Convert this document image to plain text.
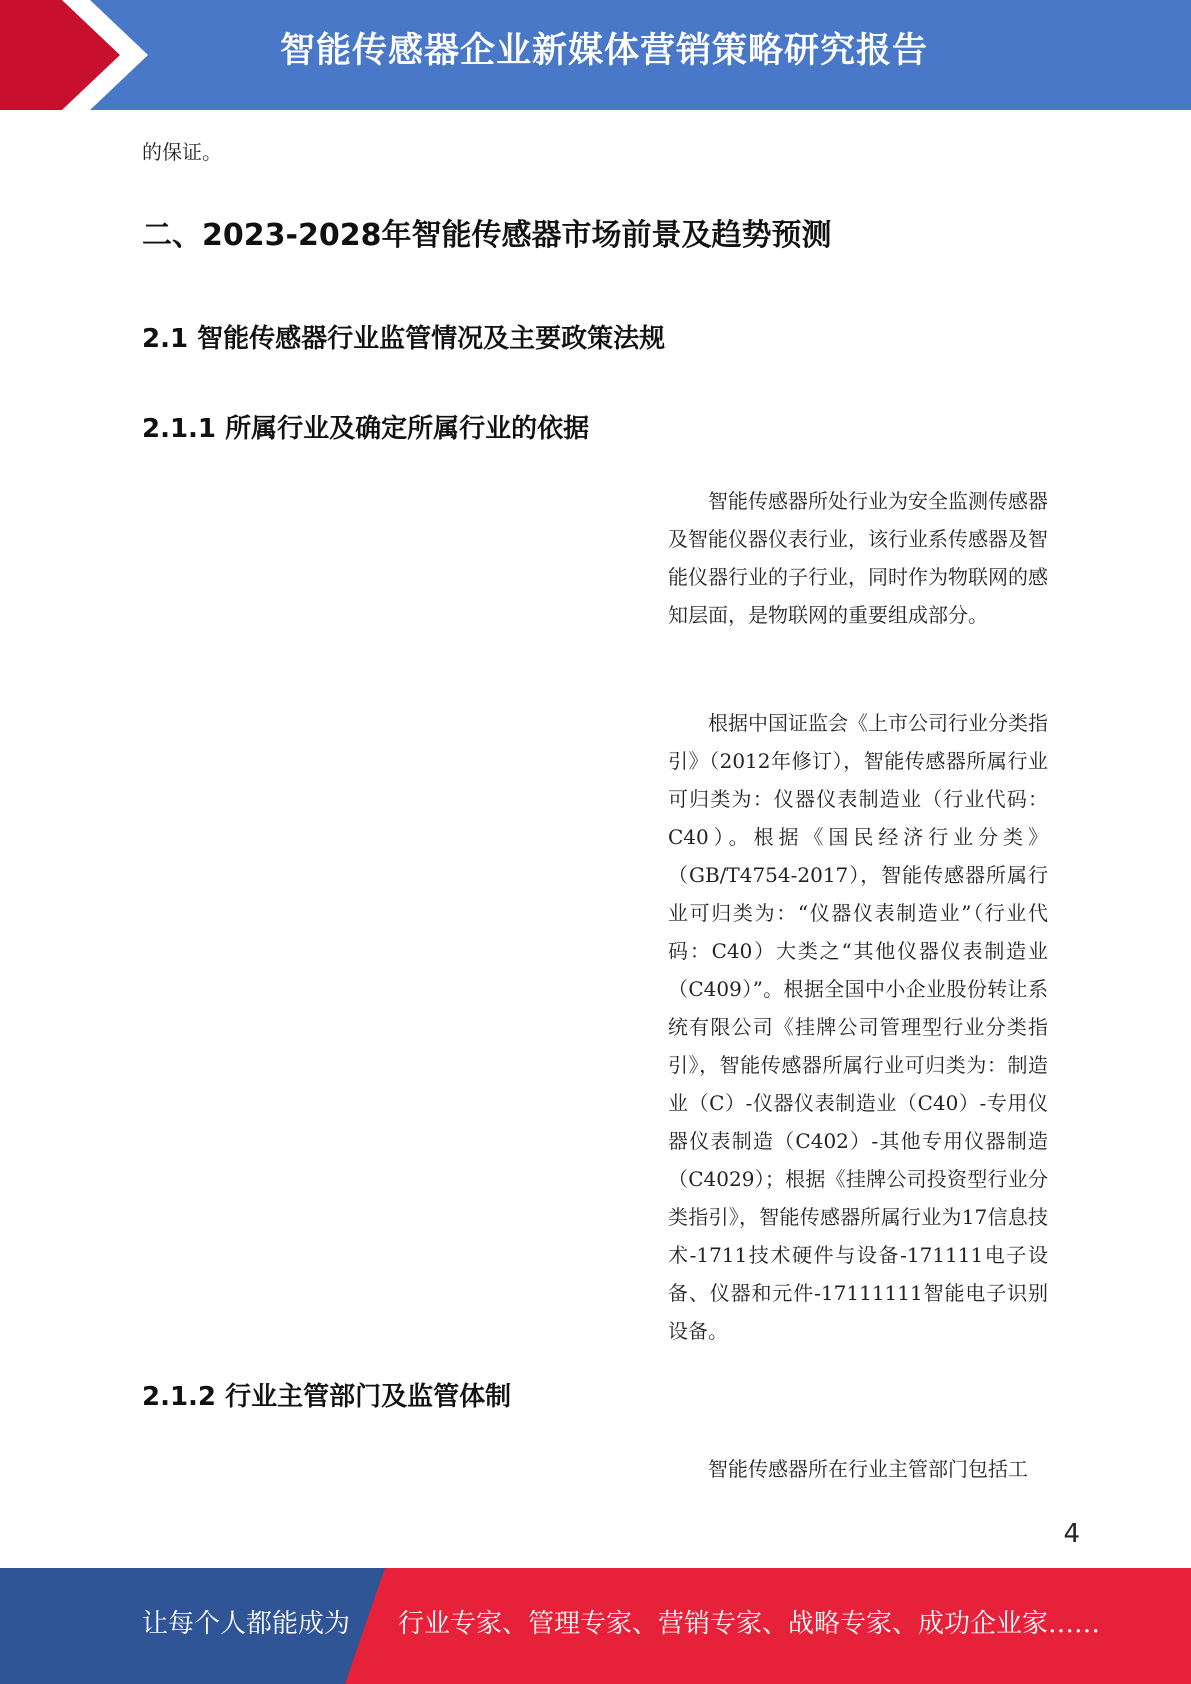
智能传感器企业新媒体营销策略研究报告
的保证。
二、2023-2028年智能传感器市场前景及趋势预测
2.1 智能传感器行业监管情况及主要政策法规
2.1.1 所属行业及确定所属行业的依据

智能传感器所处行业为安全监测传感器及智能仪器仪表行业，该行业系传感器及智能仪器行业的子行业，同时作为物联网的感知层面，是物联网的重要组成部分。

根据中国证监会《上市公司行业分类指引》（2012年修订），智能传感器所属行业可归类为：仪器仪表制造业（行业代码：C40）。根据《国民经济行业分类》（GB/T4754-2017），智能传感器所属行业可归类为：“仪器仪表制造业”（行业代码：C40）大类之“其他仪器仪表制造业（C409）”。根据全国中小企业股份转让系统有限公司《挂牌公司管理型行业分类指引》，智能传感器所属行业可归类为：制造业（C）-仪器仪表制造业（C40）-专用仪器仪表制造（C402）-其他专用仪器制造（C4029）；根据《挂牌公司投资型行业分类指引》，智能传感器所属行业为17信息技术-1711技术硬件与设备-171111电子设备、仪器和元件-17111111智能电子识别设备。

2.1.2 行业主管部门及监管体制

智能传感器所在行业主管部门包括工

4
让每个人都能成为 行业专家、管理专家、营销专家、战略专家、成功企业家……
